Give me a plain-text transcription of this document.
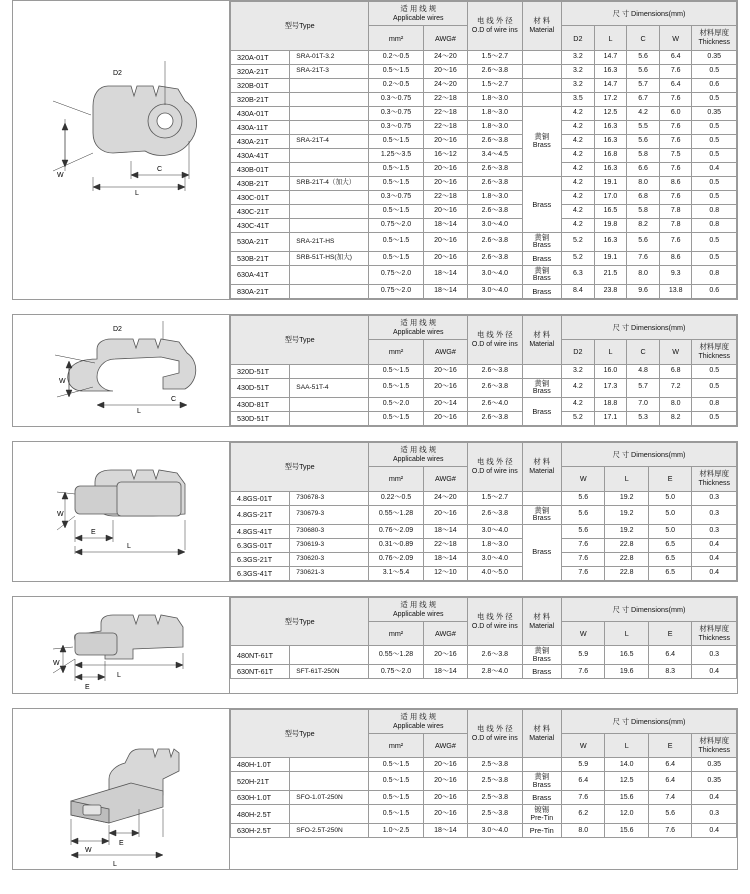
D2
W
L
C
型号Type	
适 用 线 规
Applicable wires	电 线 外 径
O.D of wire ins

材 料
Material
	尺 寸 Dimensions(mm)
		mm²	AWG#			D2	L	C	W	材料厚度
Thickness

320A-01T	SRA-01T-3.2	0.2～0.5	24～20	1.5～2.7		3.2	14.7	5.6	6.4	0.35
320A-21T	SRA-21T-3	0.5～1.5	20～16	2.6～3.8		3.2	16.3	5.6	7.6	0.5
320B-01T		0.2～0.5	24～20	1.5～2.7		3.2	14.7	5.7	6.4	0.6
320B-21T		0.3～0.75	22～18	1.8～3.0		3.5	17.2	6.7	7.6	0.5
430A-01T		0.3～0.75	22～18	1.8～3.0	黄铜
Brass	4.2	12.5	4.2	6.0	0.35
430A-11T		0.3～0.75	22～18	1.8～3.0		4.2	16.3	5.5	7.6	0.5
430A-21T	SRA-21T-4	0.5～1.5	20～16	2.6～3.8		4.2	16.3	5.6	7.6	0.5
430A-41T		1.25～3.5	16～12	3.4～4.5		4.2	16.8	5.8	7.5	0.5
430B-01T		0.5～1.5	20～16	2.6～3.8		4.2	16.3	6.6	7.6	0.4
430B-21T	SRB-21T-4（加大）	0.5～1.5	20～16	2.6～3.8	Brass	4.2	19.1	8.0	8.6	0.5
430C-01T		0.3～0.75	22～18	1.8～3.0		4.2	17.0	6.8	7.6	0.5
430C-21T		0.5～1.5	20～16	2.6～3.8		4.2	16.5	5.8	7.8	0.8
430C-41T		0.75～2.0	18～14	3.0～4.0		4.2	19.8	8.2	7.8	0.8
530A-21T	SRA-21T-HS	0.5～1.5	20～16	2.6～3.8	黄铜
Brass	5.2	16.3	5.6	7.6	0.5
530B-21T	SRB-51T-HS(加大)	0.5～1.5	20～16	2.6～3.8	Brass	5.2	19.1	7.6	8.6	0.5
630A-41T		0.75～2.0	18～14	3.0～4.0	黄铜
Brass	6.3	21.5	8.0	9.3	0.8
830A-21T		0.75～2.0	18～14	3.0～4.0	Brass	8.4	23.8	9.6	13.8	0.6
D2
W
L
C
型号Type	
适 用 线 规
Applicable wires	电 线 外 径
O.D of wire ins

材 料
Material
	尺 寸 Dimensions(mm)
		mm²	AWG#			D2	L	C	W	材料厚度
Thickness

320D-51T		0.5～1.5	20～16	2.6～3.8		3.2	16.0	4.8	6.8	0.5
430D-51T	SAA-51T-4	0.5～1.5	20～16	2.6～3.8	黄铜
Brass	4.2	17.3	5.7	7.2	0.5
430D-81T		0.5～2.0	20～14	2.6～4.0	Brass	4.2	18.8	7.0	8.0	0.8
530D-51T		0.5～1.5	20～16	2.6～3.8		5.2	17.1	5.3	8.2	0.5
W
E
L
型号Type	
适 用 线 规
Applicable wires	电 线 外 径
O.D of wire ins

材 料
Material
	尺 寸 Dimensions(mm)
		mm²	AWG#			W	L	E	材料厚度
Thickness

4.8GS-01T	730678-3	0.22～0.5	24～20	1.5～2.7		5.6	19.2	5.0	0.3
4.8GS-21T	730679-3	0.55～1.28	20～16	2.6～3.8	黄铜
Brass	5.6	19.2	5.0	0.3
4.8GS-41T	730680-3	0.76～2.09	18～14	3.0～4.0	Brass	5.6	19.2	5.0	0.3
6.3GS-01T	730619-3	0.31～0.89	22～18	1.8～3.0		7.6	22.8	6.5	0.4
6.3GS-21T	730620-3	0.76～2.09	18～14	3.0～4.0		7.6	22.8	6.5	0.4
6.3GS-41T	730621-3	3.1～5.4	12～10	4.0～5.0		7.6	22.8	6.5	0.4
W
E
L
型号Type	
适 用 线 规
Applicable wires	电 线 外 径
O.D of wire ins

材 料
Material
	尺 寸 Dimensions(mm)
		mm²	AWG#			W	L	E	材料厚度
Thickness

480NT-61T		0.55～1.28	20～16	2.6～3.8	黄铜
Brass	5.9	16.5	6.4	0.3
630NT-61T	SFT-61T-250N	0.75～2.0	18～14	2.8～4.0	Brass	7.6	19.6	8.3	0.4
W
E
L
型号Type	
适 用 线 规
Applicable wires	电 线 外 径
O.D of wire ins

材 料
Material
	尺 寸 Dimensions(mm)
		mm²	AWG#			W	L	E	材料厚度
Thickness

480H-1.0T		0.5～1.5	20～16	2.5～3.8		5.9	14.0	6.4	0.35
520H-21T		0.5～1.5	20～16	2.5～3.8	黄铜
Brass	6.4	12.5	6.4	0.35
630H-1.0T	SFO-1.0T-250N	0.5～1.5	20～16	2.5～3.8	Brass	7.6	15.6	7.4	0.4
480H-2.5T		0.5～1.5	20～16	2.5～3.8	镀锡
Pre-Tin	6.2	12.0	5.6	0.3
630H-2.5T	SFO-2.5T-250N	1.0～2.5	18～14	3.0～4.0	Pre-Tin	8.0	15.6	7.6	0.4
